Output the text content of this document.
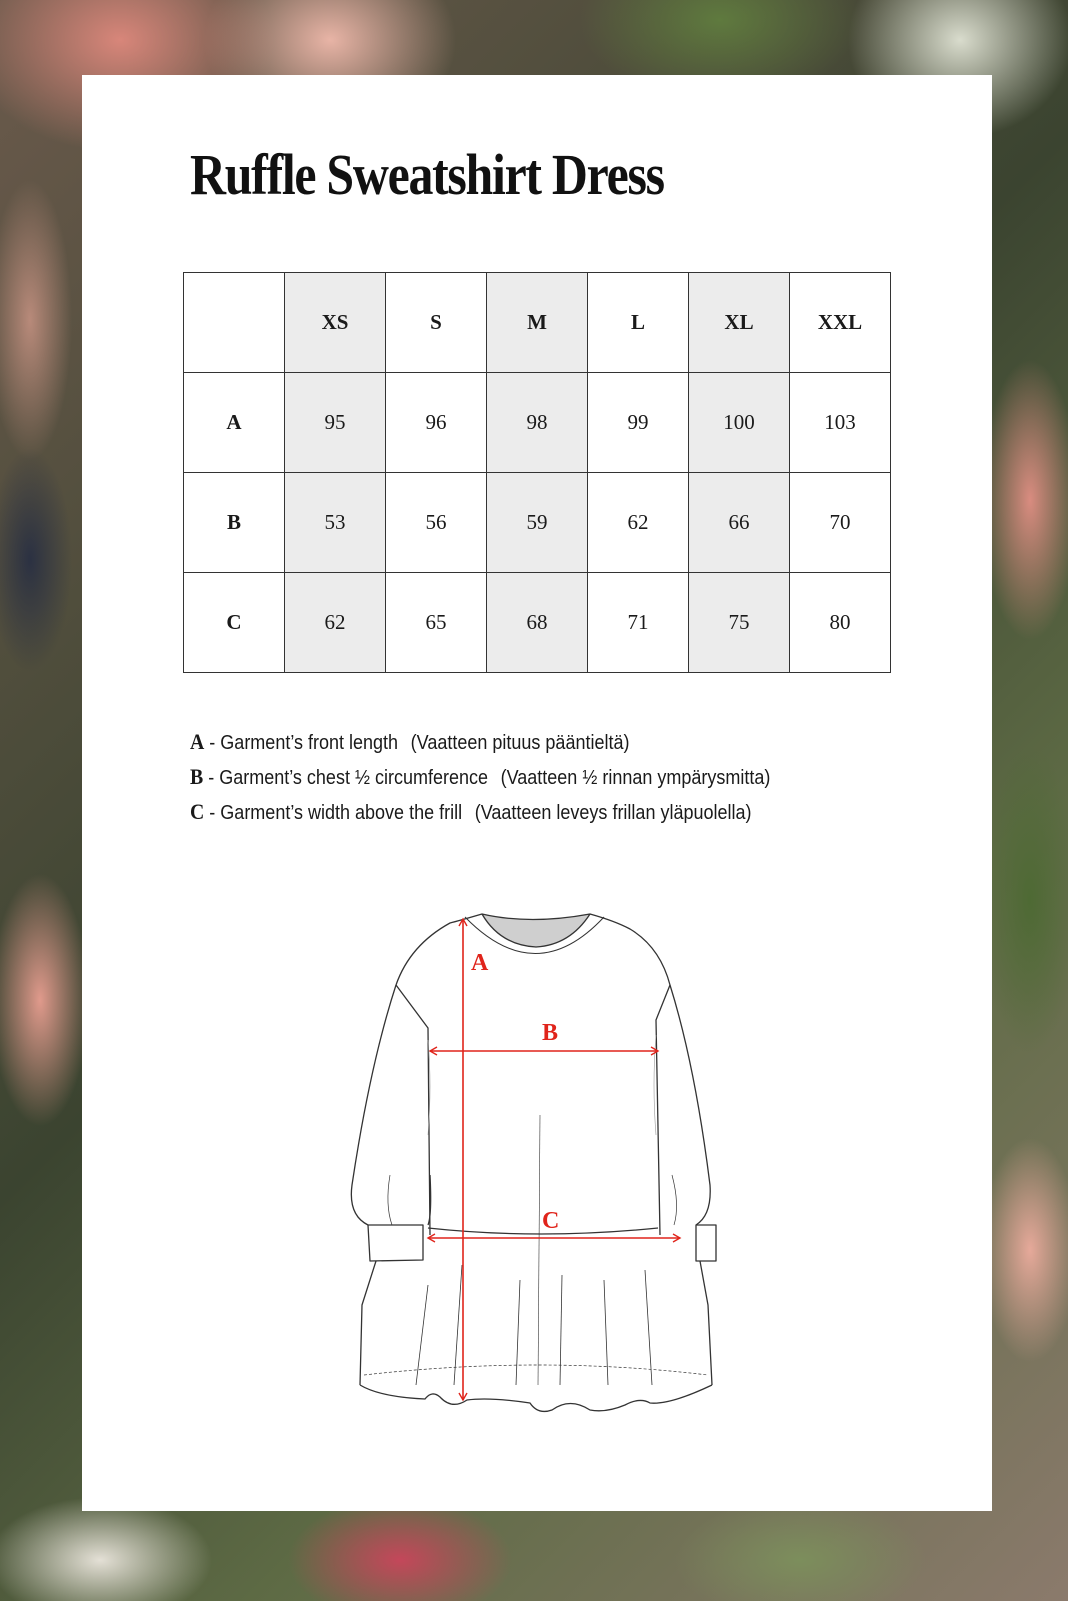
Ruffle Sweatshirt Dress
	XS	S	M	L	XL	XXL
A	95	96	98	99	100	103
B	53	56	59	62	66	70
C	62	65	68	71	75	80
A - Garment’s front length (Vaatteen pituus pääntieltä)
B - Garment’s chest ½ circumference (Vaatteen ½ rinnan ympärysmitta)
C - Garment’s width above the frill (Vaatteen leveys frillan yläpuolella)
A
B
C
